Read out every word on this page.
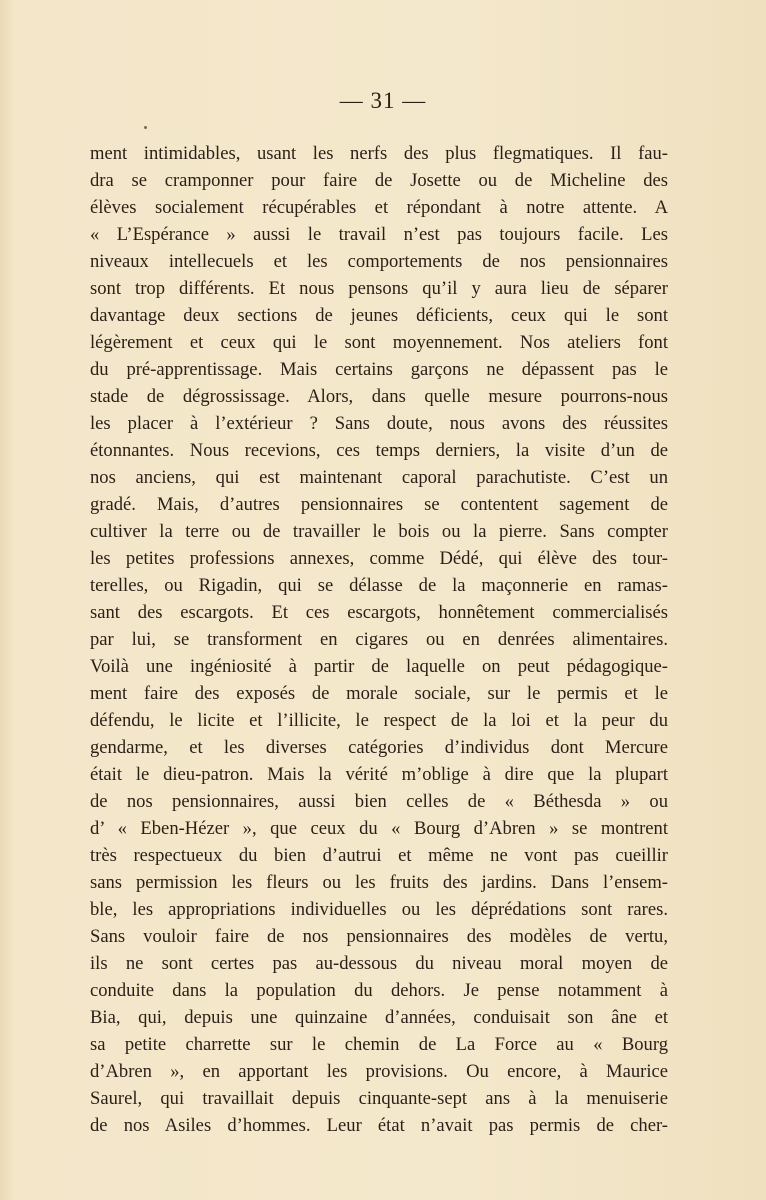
— 31 —
ment intimidables, usant les nerfs des plus flegmatiques. Il fau-
dra se cramponner pour faire de Josette ou de Micheline des
élèves socialement récupérables et répondant à notre attente. A
« L’Espérance » aussi le travail n’est pas toujours facile. Les
niveaux intellecuels et les comportements de nos pensionnaires
sont trop différents. Et nous pensons qu’il y aura lieu de séparer
davantage deux sections de jeunes déficients, ceux qui le sont
légèrement et ceux qui le sont moyennement. Nos ateliers font
du pré-apprentissage. Mais certains garçons ne dépassent pas le
stade de dégrossissage. Alors, dans quelle mesure pourrons-nous
les placer à l’extérieur ? Sans doute, nous avons des réussites
étonnantes. Nous recevions, ces temps derniers, la visite d’un de
nos anciens, qui est maintenant caporal parachutiste. C’est un
gradé. Mais, d’autres pensionnaires se contentent sagement de
cultiver la terre ou de travailler le bois ou la pierre. Sans compter
les petites professions annexes, comme Dédé, qui élève des tour-
terelles, ou Rigadin, qui se délasse de la maçonnerie en ramas-
sant des escargots. Et ces escargots, honnêtement commercialisés
par lui, se transforment en cigares ou en denrées alimentaires.
Voilà une ingéniosité à partir de laquelle on peut pédagogique-
ment faire des exposés de morale sociale, sur le permis et le
défendu, le licite et l’illicite, le respect de la loi et la peur du
gendarme, et les diverses catégories d’individus dont Mercure
était le dieu-patron. Mais la vérité m’oblige à dire que la plupart
de nos pensionnaires, aussi bien celles de « Béthesda » ou
d’ « Eben-Hézer », que ceux du « Bourg d’Abren » se montrent
très respectueux du bien d’autrui et même ne vont pas cueillir
sans permission les fleurs ou les fruits des jardins. Dans l’ensem-
ble, les appropriations individuelles ou les déprédations sont rares.
Sans vouloir faire de nos pensionnaires des modèles de vertu,
ils ne sont certes pas au-dessous du niveau moral moyen de
conduite dans la population du dehors. Je pense notamment à
Bia, qui, depuis une quinzaine d’années, conduisait son âne et
sa petite charrette sur le chemin de La Force au « Bourg
d’Abren », en apportant les provisions. Ou encore, à Maurice
Saurel, qui travaillait depuis cinquante-sept ans à la menuiserie
de nos Asiles d’hommes. Leur état n’avait pas permis de cher-
